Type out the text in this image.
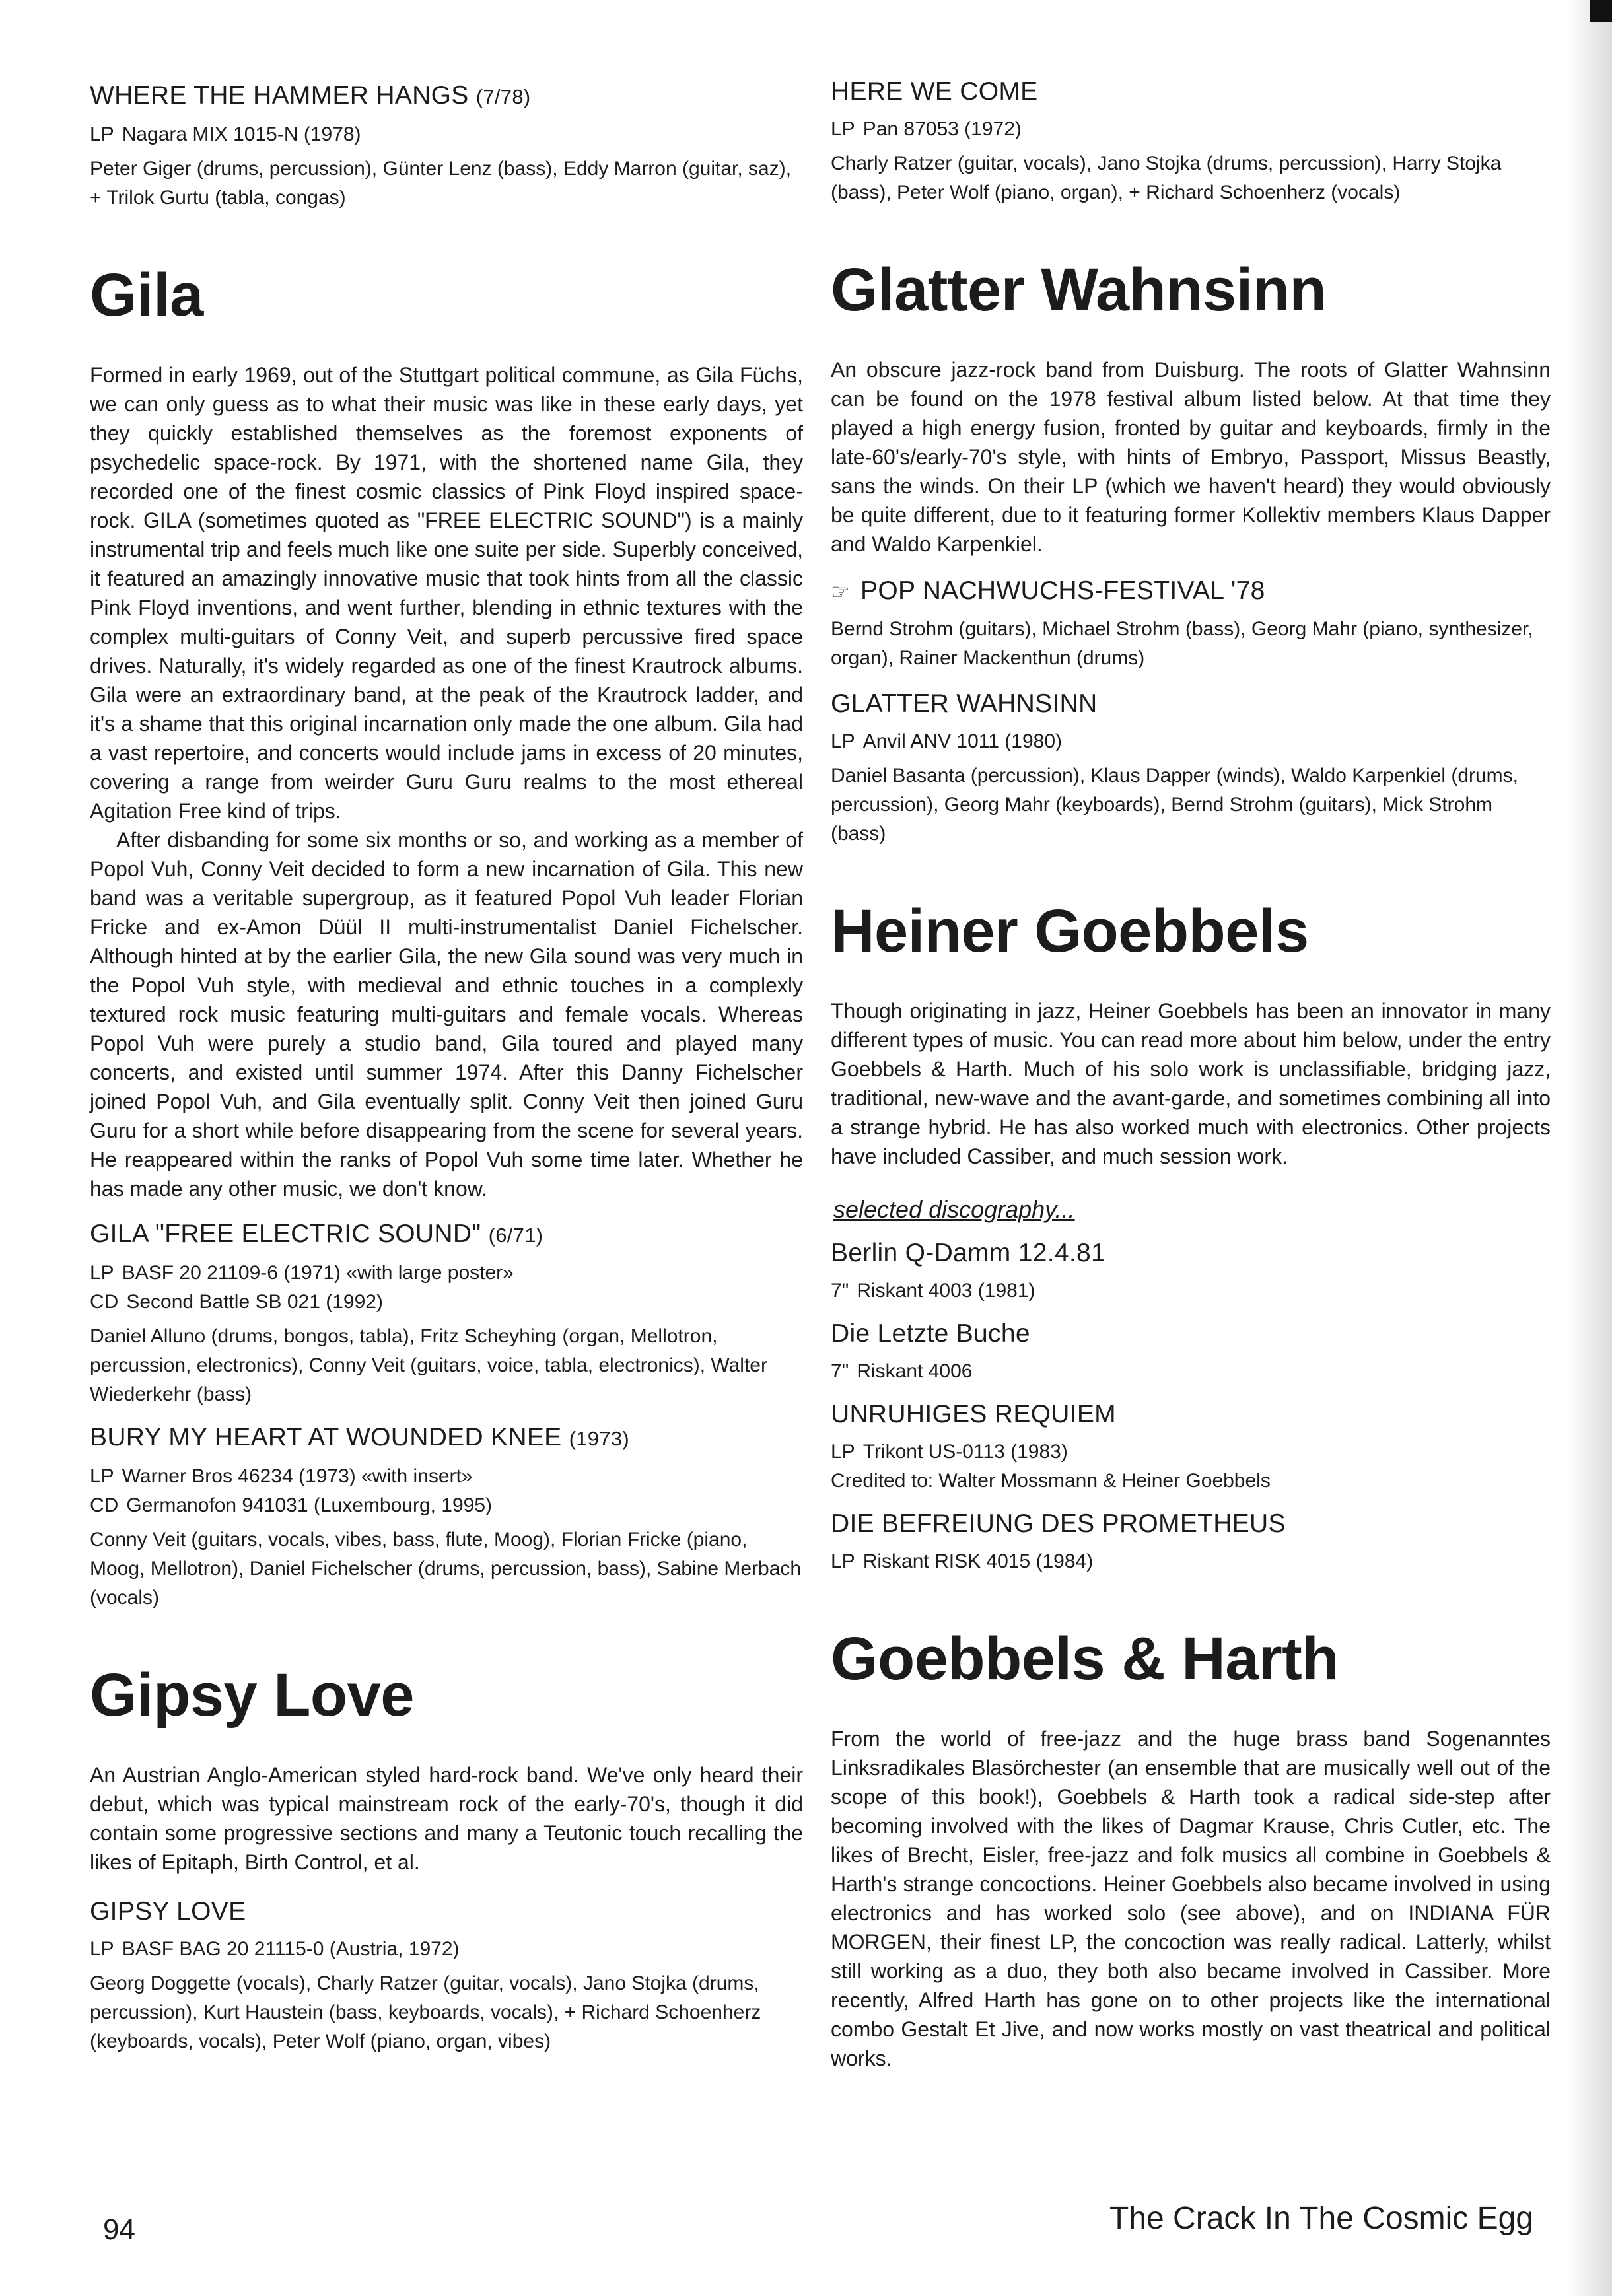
WHERE THE HAMMER HANGS (7/78)

LP Nagara MIX 1015-N (1978)

Peter Giger (drums, percussion), Günter Lenz (bass), Eddy Marron (guitar, saz), + Trilok Gurtu (tabla, congas)

Gila

Formed in early 1969, out of the Stuttgart political commune, as Gila Füchs, we can only guess as to what their music was like in these early days, yet they quickly established themselves as the foremost exponents of psychedelic space-rock. By 1971, with the shortened name Gila, they recorded one of the finest cosmic classics of Pink Floyd inspired space-rock. GILA (sometimes quoted as "FREE ELECTRIC SOUND") is a mainly instrumental trip and feels much like one suite per side. Superbly conceived, it featured an amazingly innovative music that took hints from all the classic Pink Floyd inventions, and went further, blending in ethnic textures with the complex multi-guitars of Conny Veit, and superb percussive fired space drives. Naturally, it's widely regarded as one of the finest Krautrock albums. Gila were an extraordinary band, at the peak of the Krautrock ladder, and it's a shame that this original incarnation only made the one album. Gila had a vast repertoire, and concerts would include jams in excess of 20 minutes, covering a range from weirder Guru Guru realms to the most ethereal Agitation Free kind of trips.

After disbanding for some six months or so, and working as a member of Popol Vuh, Conny Veit decided to form a new incarnation of Gila. This new band was a veritable supergroup, as it featured Popol Vuh leader Florian Fricke and ex-Amon Düül II multi-instrumentalist Daniel Fichelscher. Although hinted at by the earlier Gila, the new Gila sound was very much in the Popol Vuh style, with medieval and ethnic touches in a complexly textured rock music featuring multi-guitars and female vocals. Whereas Popol Vuh were purely a studio band, Gila toured and played many concerts, and existed until summer 1974. After this Danny Fichelscher joined Popol Vuh, and Gila eventually split. Conny Veit then joined Guru Guru for a short while before disappearing from the scene for several years. He reappeared within the ranks of Popol Vuh some time later. Whether he has made any other music, we don't know.

GILA "FREE ELECTRIC SOUND" (6/71)

LP BASF 20 21109-6 (1971) «with large poster»

CD Second Battle SB 021 (1992)

Daniel Alluno (drums, bongos, tabla), Fritz Scheyhing (organ, Mellotron, percussion, electronics), Conny Veit (guitars, voice, tabla, electronics), Walter Wiederkehr (bass)

BURY MY HEART AT WOUNDED KNEE (1973)

LP Warner Bros 46234 (1973) «with insert»

CD Germanofon 941031 (Luxembourg, 1995)

Conny Veit (guitars, vocals, vibes, bass, flute, Moog), Florian Fricke (piano, Moog, Mellotron), Daniel Fichelscher (drums, percussion, bass), Sabine Merbach (vocals)

Gipsy Love

An Austrian Anglo-American styled hard-rock band. We've only heard their debut, which was typical mainstream rock of the early-70's, though it did contain some progressive sections and many a Teutonic touch recalling the likes of Epitaph, Birth Control, et al.

GIPSY LOVE

LP BASF BAG 20 21115-0 (Austria, 1972)

Georg Doggette (vocals), Charly Ratzer (guitar, vocals), Jano Stojka (drums, percussion), Kurt Haustein (bass, keyboards, vocals), + Richard Schoenherz (keyboards, vocals), Peter Wolf (piano, organ, vibes)

HERE WE COME

LP Pan 87053 (1972)

Charly Ratzer (guitar, vocals), Jano Stojka (drums, percussion), Harry Stojka (bass), Peter Wolf (piano, organ), + Richard Schoenherz (vocals)

Glatter Wahnsinn

An obscure jazz-rock band from Duisburg. The roots of Glatter Wahnsinn can be found on the 1978 festival album listed below. At that time they played a high energy fusion, fronted by guitar and keyboards, firmly in the late-60's/early-70's style, with hints of Embryo, Passport, Missus Beastly, sans the winds. On their LP (which we haven't heard) they would obviously be quite different, due to it featuring former Kollektiv members Klaus Dapper and Waldo Karpenkiel.

☞ POP NACHWUCHS-FESTIVAL '78

Bernd Strohm (guitars), Michael Strohm (bass), Georg Mahr (piano, synthesizer, organ), Rainer Mackenthun (drums)

GLATTER WAHNSINN

LP Anvil ANV 1011 (1980)

Daniel Basanta (percussion), Klaus Dapper (winds), Waldo Karpenkiel (drums, percussion), Georg Mahr (keyboards), Bernd Strohm (guitars), Mick Strohm (bass)

Heiner Goebbels

Though originating in jazz, Heiner Goebbels has been an innovator in many different types of music. You can read more about him below, under the entry Goebbels & Harth. Much of his solo work is unclassifiable, bridging jazz, traditional, new-wave and the avant-garde, and sometimes combining all into a strange hybrid. He has also worked much with electronics. Other projects have included Cassiber, and much session work.

selected discography...
Berlin Q-Damm 12.4.81

7" Riskant 4003 (1981)

Die Letzte Buche

7" Riskant 4006

UNRUHIGES REQUIEM

LP Trikont US-0113 (1983)

Credited to: Walter Mossmann & Heiner Goebbels

DIE BEFREIUNG DES PROMETHEUS

LP Riskant RISK 4015 (1984)

Goebbels & Harth

From the world of free-jazz and the huge brass band Sogenanntes Linksradikales Blasörchester (an ensemble that are musically well out of the scope of this book!), Goebbels & Harth took a radical side-step after becoming involved with the likes of Dagmar Krause, Chris Cutler, etc. The likes of Brecht, Eisler, free-jazz and folk musics all combine in Goebbels & Harth's strange concoctions. Heiner Goebbels also became involved in using electronics and has worked solo (see above), and on INDIANA FÜR MORGEN, their finest LP, the concoction was really radical. Latterly, whilst still working as a duo, they both also became involved in Cassiber. More recently, Alfred Harth has gone on to other projects like the international combo Gestalt Et Jive, and now works mostly on vast theatrical and political works.

94	The Crack In The Cosmic Egg
